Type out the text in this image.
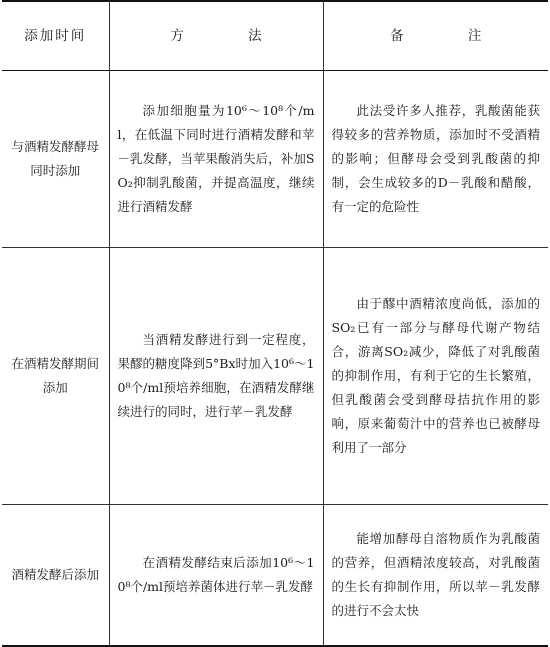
添加时间	方 法	备 注
与酒精发酵酵母同时添加	添加细胞量为10⁶～10⁸个/ml，在低温下同时进行酒精发酵和苹－乳发酵，当苹果酸消失后，补加SO₂抑制乳酸菌，并提高温度，继续进行酒精发酵	此法受许多人推荐，乳酸菌能获得较多的营养物质，添加时不受酒精的影响；但酵母会受到乳酸菌的抑制，会生成较多的D－乳酸和醋酸，有一定的危险性

在酒精发酵期间添加	当酒精发酵进行到一定程度，果醪的糖度降到5°Bx时加入10⁶～10⁸个/ml预培养细胞，在酒精发酵继续进行的同时，进行苹－乳发酵	由于醪中酒精浓度尚低，添加的SO₂已有一部分与酵母代谢产物结合，游离SO₂减少，降低了对乳酸菌的抑制作用，有利于它的生长繁殖，但乳酸菌会受到酵母拮抗作用的影响，原来葡萄汁中的营养也已被酵母利用了一部分

酒精发酵后添加	在酒精发酵结束后添加10⁶～10⁸个/ml预培养菌体进行苹－乳发酵	能增加酵母自溶物质作为乳酸菌的营养，但酒精浓度较高，对乳酸菌的生长有抑制作用，所以苹－乳发酵的进行不会太快
